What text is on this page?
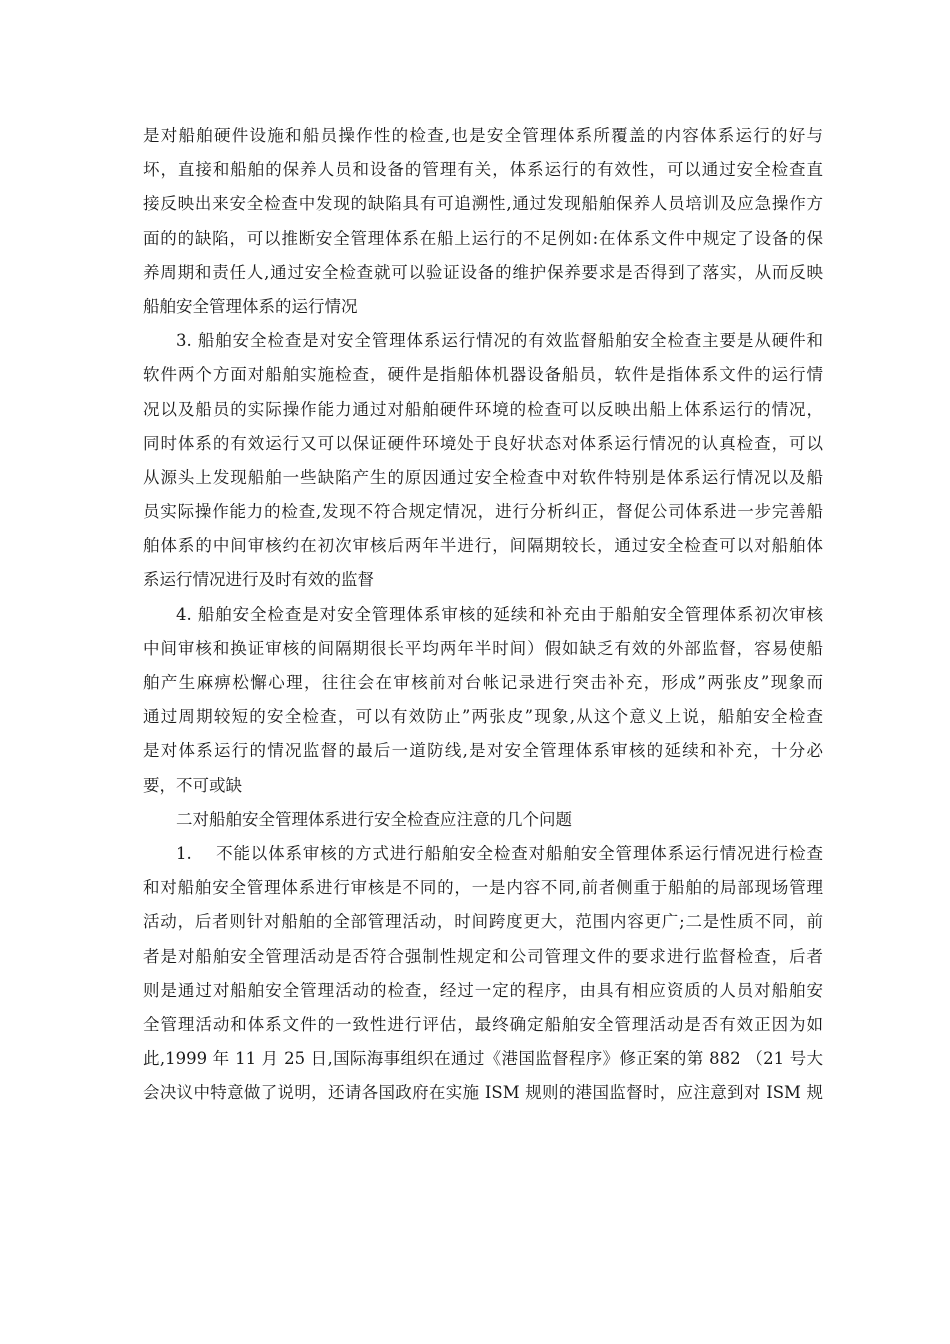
是对船舶硬件设施和船员操作性的检查,也是安全管理体系所覆盖的内容体系运行的好与
坏，直接和船舶的保养人员和设备的管理有关，体系运行的有效性，可以通过安全检查直
接反映出来安全检查中发现的缺陷具有可追溯性,通过发现船舶保养人员培训及应急操作方
面的的缺陷，可以推断安全管理体系在船上运行的不足例如:在体系文件中规定了设备的保
养周期和责任人,通过安全检查就可以验证设备的维护保养要求是否得到了落实，从而反映
船舶安全管理体系的运行情况
3. 船舶安全检查是对安全管理体系运行情况的有效监督船舶安全检查主要是从硬件和
软件两个方面对船舶实施检查，硬件是指船体机器设备船员，软件是指体系文件的运行情
况以及船员的实际操作能力通过对船舶硬件环境的检查可以反映出船上体系运行的情况，
同时体系的有效运行又可以保证硬件环境处于良好状态对体系运行情况的认真检查，可以
从源头上发现船舶一些缺陷产生的原因通过安全检查中对软件特别是体系运行情况以及船
员实际操作能力的检查,发现不符合规定情况，进行分析纠正，督促公司体系进一步完善船
舶体系的中间审核约在初次审核后两年半进行，间隔期较长，通过安全检查可以对船舶体
系运行情况进行及时有效的监督
4. 船舶安全检查是对安全管理体系审核的延续和补充由于船舶安全管理体系初次审核
中间审核和换证审核的间隔期很长平均两年半时间）假如缺乏有效的外部监督，容易使船
舶产生麻痹松懈心理，往往会在审核前对台帐记录进行突击补充，形成”两张皮”现象而
通过周期较短的安全检查，可以有效防止”两张皮”现象,从这个意义上说，船舶安全检查
是对体系运行的情况监督的最后一道防线,是对安全管理体系审核的延续和补充，十分必
要，不可或缺
二对船舶安全管理体系进行安全检查应注意的几个问题
1.　 不能以体系审核的方式进行船舶安全检查对船舶安全管理体系运行情况进行检查
和对船舶安全管理体系进行审核是不同的，一是内容不同,前者侧重于船舶的局部现场管理
活动，后者则针对船舶的全部管理活动，时间跨度更大，范围内容更广;二是性质不同，前
者是对船舶安全管理活动是否符合强制性规定和公司管理文件的要求进行监督检查，后者
则是通过对船舶安全管理活动的检查，经过一定的程序，由具有相应资质的人员对船舶安
全管理活动和体系文件的一致性进行评估，最终确定船舶安全管理活动是否有效正因为如
此,1999 年 11 月 25 日,国际海事组织在通过《港国监督程序》修正案的第 882 （21 号大
会决议中特意做了说明，还请各国政府在实施 ISM 规则的港国监督时，应注意到对 ISM 规
